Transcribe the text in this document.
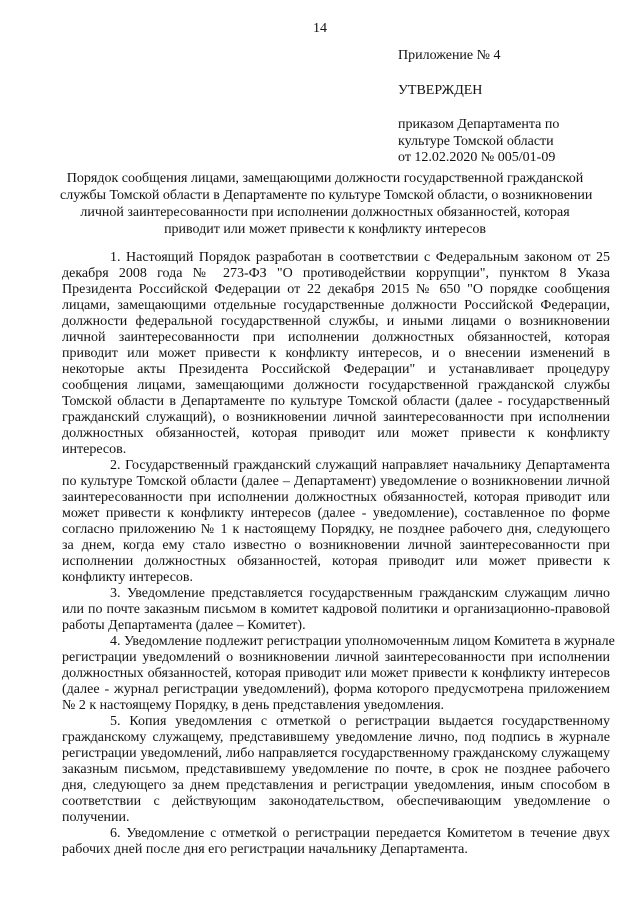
14
Приложение № 4
УТВЕРЖДЕН
приказом Департамента по
культуре Томской области
от 12.02.2020 № 005/01-09
Порядок сообщения лицами, замещающими должности государственной гражданской
службы Томской области в Департаменте по культуре Томской области, о возникновении
личной заинтересованности при исполнении должностных обязанностей, которая
приводит или может привести к конфликту интересов
1. Настоящий Порядок разработан в соответствии с Федеральным законом от 25
декабря 2008 года № 273-ФЗ "О противодействии коррупции", пунктом 8 Указа
Президента Российской Федерации от 22 декабря 2015 № 650 "О порядке сообщения
лицами, замещающими отдельные государственные должности Российской Федерации,
должности федеральной государственной службы, и иными лицами о возникновении
личной заинтересованности при исполнении должностных обязанностей, которая
приводит или может привести к конфликту интересов, и о внесении изменений в
некоторые акты Президента Российской Федерации" и устанавливает процедуру
сообщения лицами, замещающими должности государственной гражданской службы
Томской области в Департаменте по культуре Томской области (далее - государственный
гражданский служащий), о возникновении личной заинтересованности при исполнении
должностных обязанностей, которая приводит или может привести к конфликту
интересов.
2. Государственный гражданский служащий направляет начальнику Департамента
по культуре Томской области (далее – Департамент) уведомление о возникновении личной
заинтересованности при исполнении должностных обязанностей, которая приводит или
может привести к конфликту интересов (далее - уведомление), составленное по форме
согласно приложению № 1 к настоящему Порядку, не позднее рабочего дня, следующего
за днем, когда ему стало известно о возникновении личной заинтересованности при
исполнении должностных обязанностей, которая приводит или может привести к
конфликту интересов.
3. Уведомление представляется государственным гражданским служащим лично
или по почте заказным письмом в комитет кадровой политики и организационно-правовой
работы Департамента (далее – Комитет).
4. Уведомление подлежит регистрации уполномоченным лицом Комитета в журнале
регистрации уведомлений о возникновении личной заинтересованности при исполнении
должностных обязанностей, которая приводит или может привести к конфликту интересов
(далее - журнал регистрации уведомлений), форма которого предусмотрена приложением
№ 2 к настоящему Порядку, в день представления уведомления.
5. Копия уведомления с отметкой о регистрации выдается государственному
гражданскому служащему, представившему уведомление лично, под подпись в журнале
регистрации уведомлений, либо направляется государственному гражданскому служащему
заказным письмом, представившему уведомление по почте, в срок не позднее рабочего
дня, следующего за днем представления и регистрации уведомления, иным способом в
соответствии с действующим законодательством, обеспечивающим уведомление о
получении.
6. Уведомление с отметкой о регистрации передается Комитетом в течение двух
рабочих дней после дня его регистрации начальнику Департамента.
